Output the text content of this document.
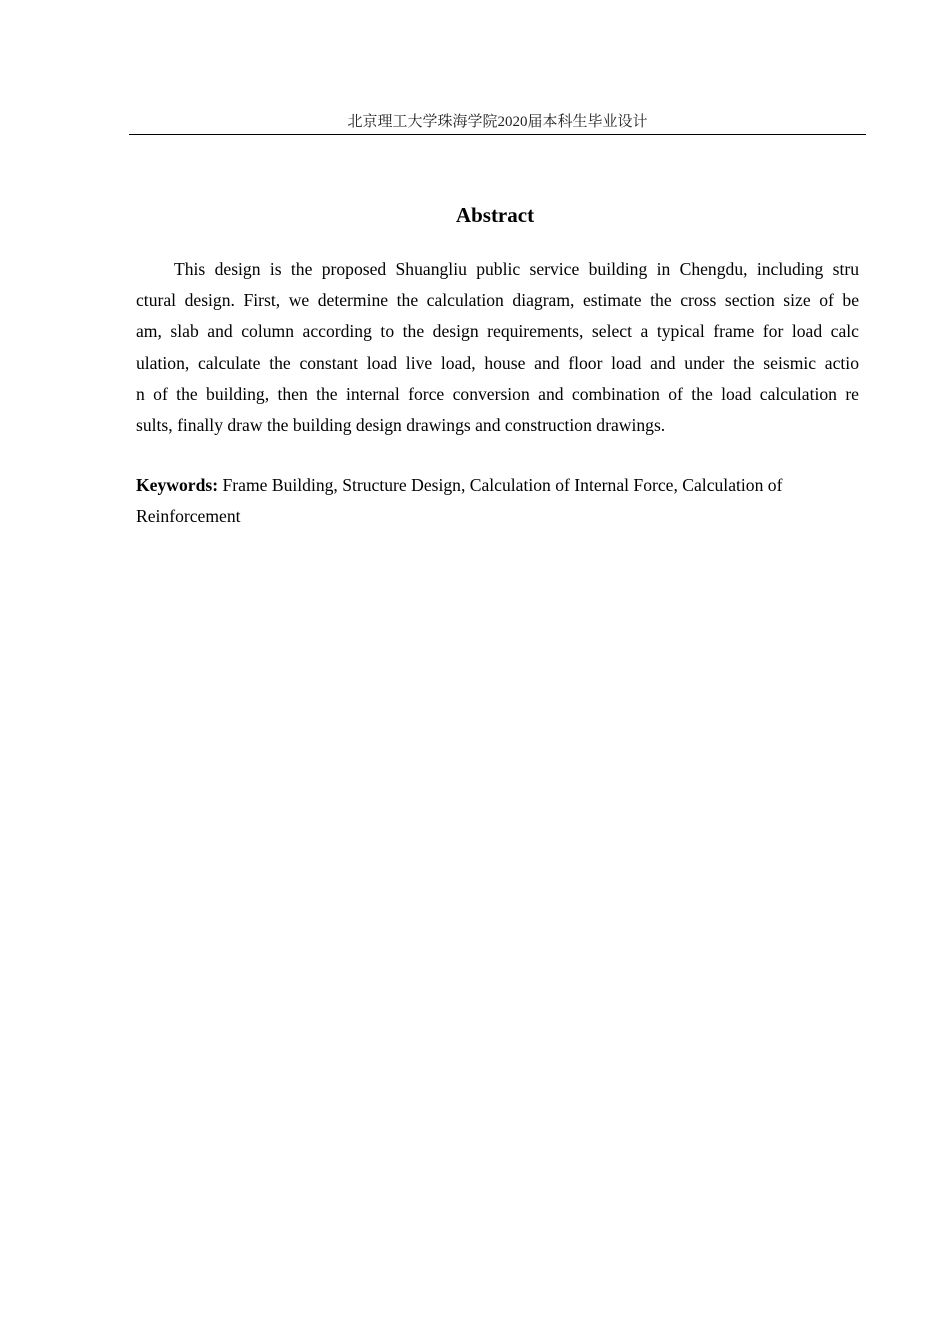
北京理工大学珠海学院2020届本科生毕业设计
Abstract

This design is the proposed Shuangliu public service building in Chengdu, including stru
ctural design. First, we determine the calculation diagram, estimate the cross section size of be
am, slab and column according to the design requirements, select a typical frame for load calc
ulation, calculate the constant load live load, house and floor load and under the seismic actio
n of the building, then the internal force conversion and combination of the load calculation re
sults, finally draw the building design drawings and construction drawings.

Keywords: Frame Building, Structure Design, Calculation of Internal Force, Calculation of
Reinforcement
